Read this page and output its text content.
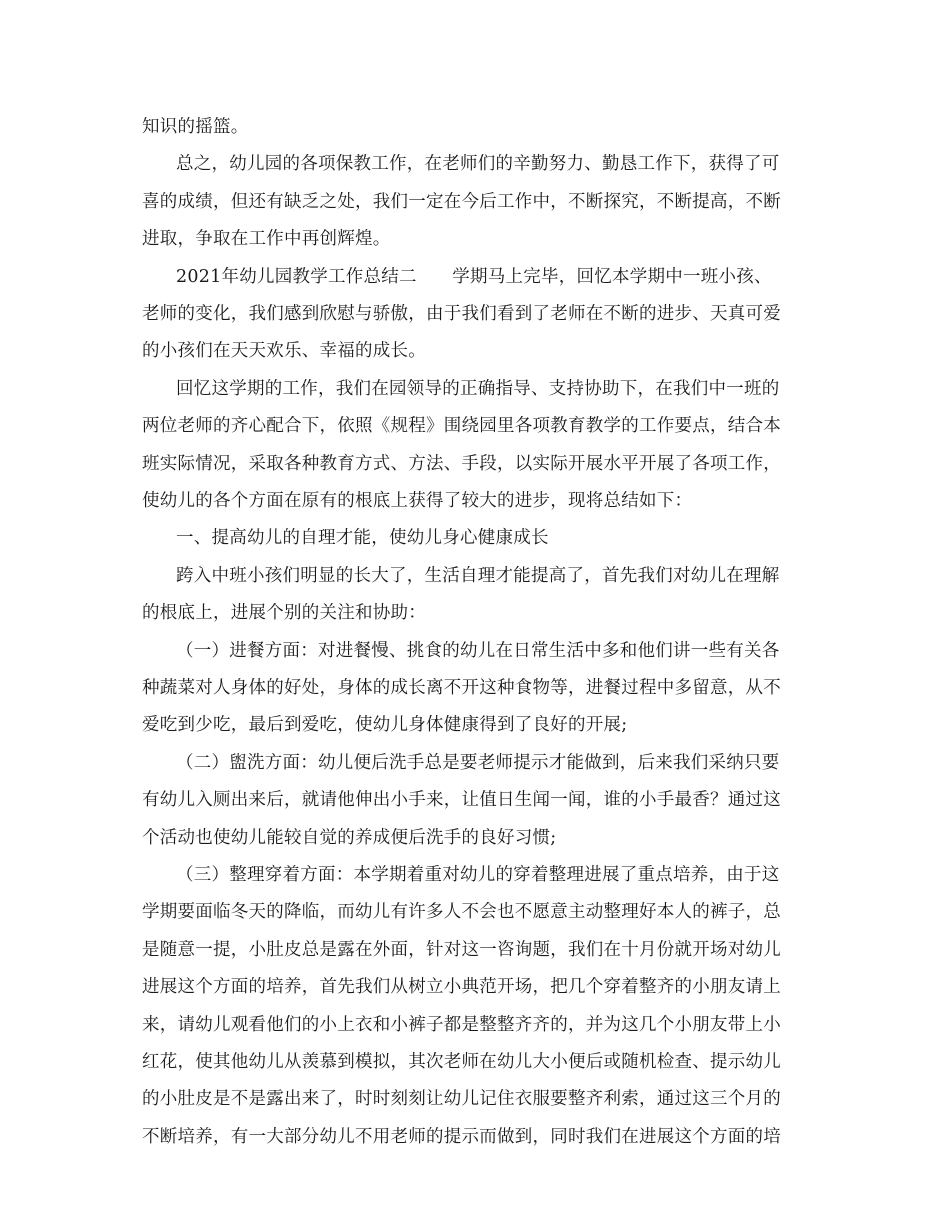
知识的摇篮。
总之，幼儿园的各项保教工作，在老师们的辛勤努力、勤恳工作下，获得了可
喜的成绩，但还有缺乏之处，我们一定在今后工作中，不断探究，不断提高，不断
进取，争取在工作中再创辉煌。
2021年幼儿园教学工作总结二　　学期马上完毕，回忆本学期中一班小孩、
老师的变化，我们感到欣慰与骄傲，由于我们看到了老师在不断的进步、天真可爱
的小孩们在天天欢乐、幸福的成长。
回忆这学期的工作，我们在园领导的正确指导、支持协助下，在我们中一班的
两位老师的齐心配合下，依照《规程》围绕园里各项教育教学的工作要点，结合本
班实际情况，采取各种教育方式、方法、手段，以实际开展水平开展了各项工作，
使幼儿的各个方面在原有的根底上获得了较大的进步，现将总结如下：
一、提高幼儿的自理才能，使幼儿身心健康成长
跨入中班小孩们明显的长大了，生活自理才能提高了，首先我们对幼儿在理解
的根底上，进展个别的关注和协助：
（一）进餐方面：对进餐慢、挑食的幼儿在日常生活中多和他们讲一些有关各
种蔬菜对人身体的好处，身体的成长离不开这种食物等，进餐过程中多留意，从不
爱吃到少吃，最后到爱吃，使幼儿身体健康得到了良好的开展;
（二）盥洗方面：幼儿便后洗手总是要老师提示才能做到，后来我们采纳只要
有幼儿入厕出来后，就请他伸出小手来，让值日生闻一闻，谁的小手最香？通过这
个活动也使幼儿能较自觉的养成便后洗手的良好习惯;
（三）整理穿着方面：本学期着重对幼儿的穿着整理进展了重点培养，由于这
学期要面临冬天的降临，而幼儿有许多人不会也不愿意主动整理好本人的裤子，总
是随意一提，小肚皮总是露在外面，针对这一咨询题，我们在十月份就开场对幼儿
进展这个方面的培养，首先我们从树立小典范开场，把几个穿着整齐的小朋友请上
来，请幼儿观看他们的小上衣和小裤子都是整整齐齐的，并为这几个小朋友带上小
红花，使其他幼儿从羡慕到模拟，其次老师在幼儿大小便后或随机检查、提示幼儿
的小肚皮是不是露出来了，时时刻刻让幼儿记住衣服要整齐利索，通过这三个月的
不断培养，有一大部分幼儿不用老师的提示而做到，同时我们在进展这个方面的培
